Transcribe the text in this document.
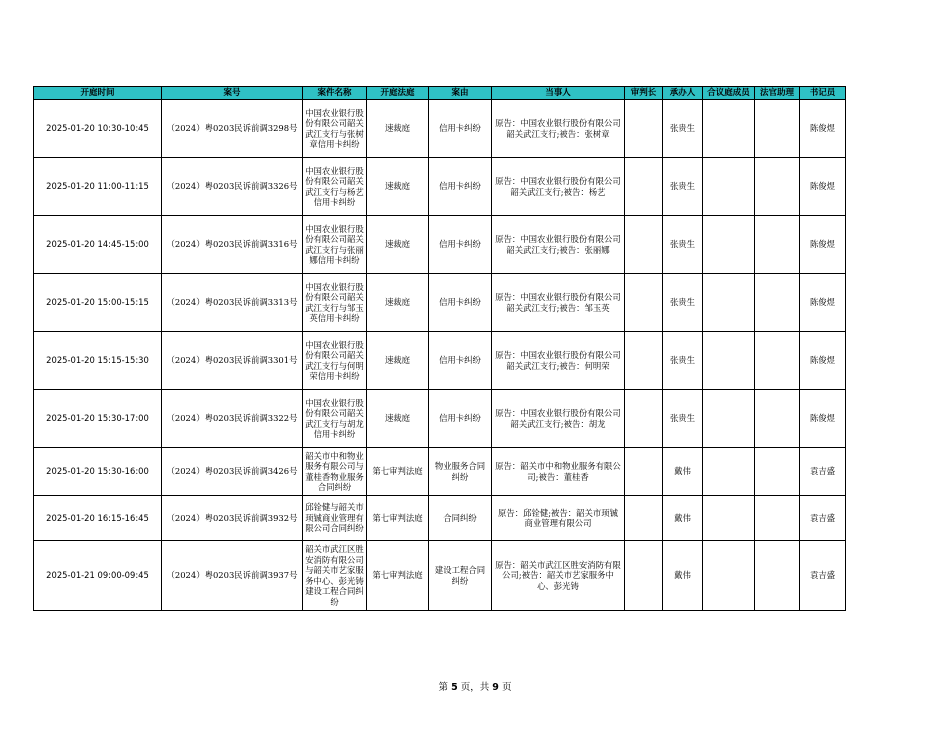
开庭时间	案号	案件名称	开庭法庭	案由	当事人	审判长	承办人	合议庭成员	法官助理	书记员
2025-01-20 10:30-10:45	（2024）粤0203民诉前调3298号	中国农业银行股份有限公司韶关武江支行与张树章信用卡纠纷	速裁庭	信用卡纠纷	原告：中国农业银行股份有限公司韶关武江支行;被告：张树章		张贵生			陈俊煜
2025-01-20 11:00-11:15	（2024）粤0203民诉前调3326号	中国农业银行股份有限公司韶关武江支行与杨艺信用卡纠纷	速裁庭	信用卡纠纷	原告：中国农业银行股份有限公司韶关武江支行;被告：杨艺		张贵生			陈俊煜
2025-01-20 14:45-15:00	（2024）粤0203民诉前调3316号	中国农业银行股份有限公司韶关武江支行与张丽娜信用卡纠纷	速裁庭	信用卡纠纷	原告：中国农业银行股份有限公司韶关武江支行;被告：张丽娜		张贵生			陈俊煜
2025-01-20 15:00-15:15	（2024）粤0203民诉前调3313号	中国农业银行股份有限公司韶关武江支行与邹玉英信用卡纠纷	速裁庭	信用卡纠纷	原告：中国农业银行股份有限公司韶关武江支行;被告：邹玉英		张贵生			陈俊煜
2025-01-20 15:15-15:30	（2024）粤0203民诉前调3301号	中国农业银行股份有限公司韶关武江支行与何明荣信用卡纠纷	速裁庭	信用卡纠纷	原告：中国农业银行股份有限公司韶关武江支行;被告：何明荣		张贵生			陈俊煜
2025-01-20 15:30-17:00	（2024）粤0203民诉前调3322号	中国农业银行股份有限公司韶关武江支行与胡龙信用卡纠纷	速裁庭	信用卡纠纷	原告：中国农业银行股份有限公司韶关武江支行;被告：胡龙		张贵生			陈俊煜
2025-01-20 15:30-16:00	（2024）粤0203民诉前调3426号	韶关市中和物业服务有限公司与董桂香物业服务合同纠纷	第七审判法庭	物业服务合同纠纷	原告：韶关市中和物业服务有限公司;被告：董桂香		戴伟			袁吉盛
2025-01-20 16:15-16:45	（2024）粤0203民诉前调3932号	邱铨健与韶关市顼铖商业管理有限公司合同纠纷	第七审判法庭	合同纠纷	原告：邱铨健;被告：韶关市顼铖商业管理有限公司		戴伟			袁吉盛
2025-01-21 09:00-09:45	（2024）粤0203民诉前调3937号	韶关市武江区胜安消防有限公司与韶关市艺家服务中心、彭光铸建设工程合同纠纷	第七审判法庭	建设工程合同纠纷	原告：韶关市武江区胜安消防有限公司;被告：韶关市艺家服务中心、彭光铸		戴伟			袁吉盛
第 5 页，共 9 页
